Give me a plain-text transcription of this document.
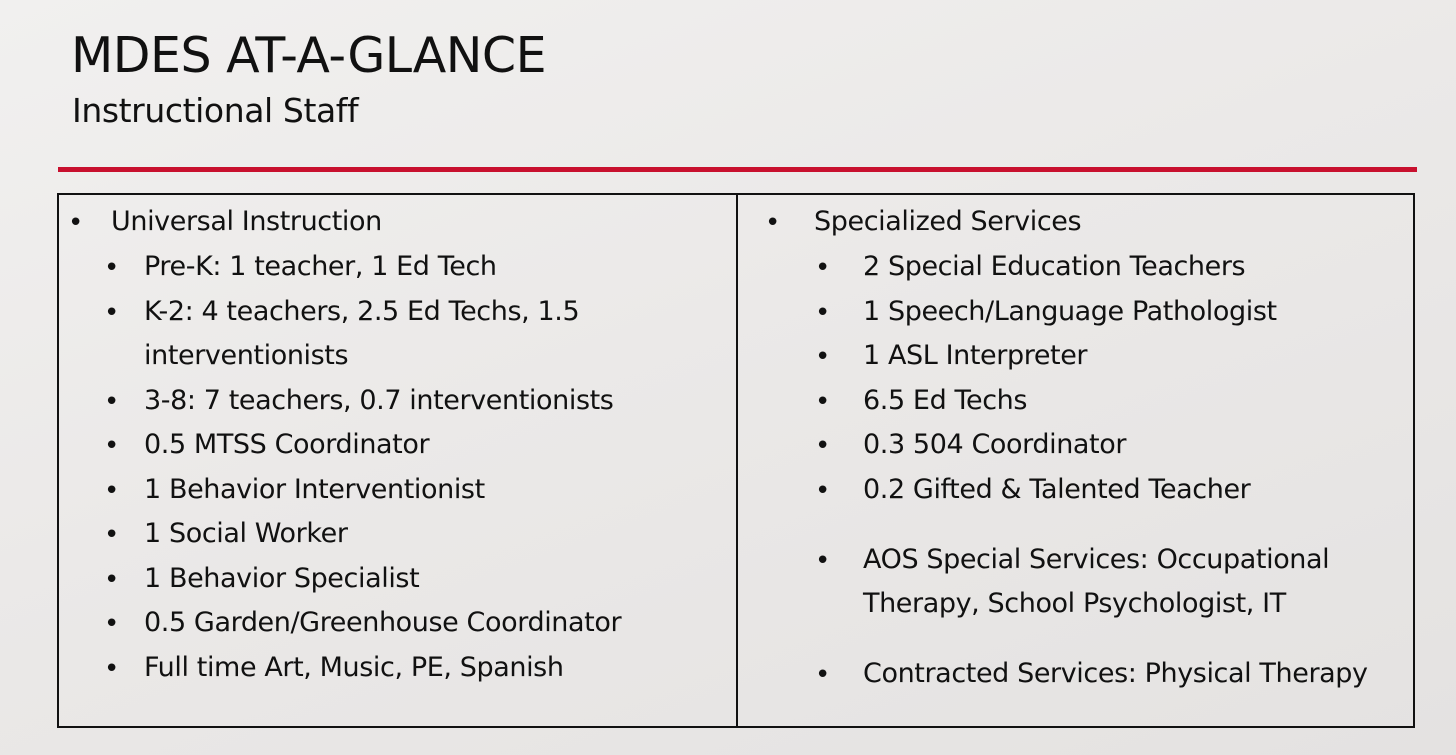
MDES AT-A-GLANCE
Instructional Staff
• Universal Instruction
• Pre-K: 1 teacher, 1 Ed Tech
• K-2: 4 teachers, 2.5 Ed Techs, 1.5
interventionists
• 3-8: 7 teachers, 0.7 interventionists
• 0.5 MTSS Coordinator
• 1 Behavior Interventionist
• 1 Social Worker
• 1 Behavior Specialist
• 0.5 Garden/Greenhouse Coordinator
• Full time Art, Music, PE, Spanish
• Specialized Services
• 2 Special Education Teachers
• 1 Speech/Language Pathologist
• 1 ASL Interpreter
• 6.5 Ed Techs
• 0.3 504 Coordinator
• 0.2 Gifted & Talented Teacher
• AOS Special Services: Occupational
Therapy, School Psychologist, IT
• Contracted Services: Physical Therapy
